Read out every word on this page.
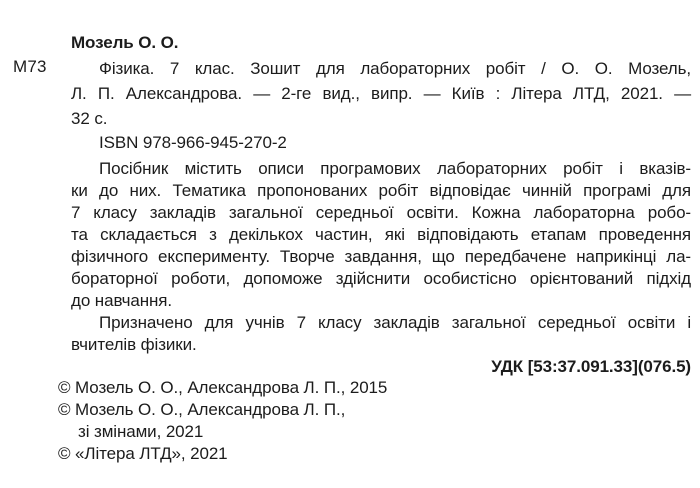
М73
Мозель О. О.
Фізика. 7 клас. Зошит для лабораторних робіт / О. О. Мозель,
Л. П. Александрова. — 2-ге вид., випр. — Київ : Літера ЛТД, 2021. —
32 с.
ISBN 978-966-945-270-2
Посібник містить описи програмових лабораторних робіт і вказів-
ки до них. Тематика пропонованих робіт відповідає чинній програмі для
7 класу закладів загальної середньої освіти. Кожна лабораторна робо-
та складається з декількох частин, які відповідають етапам проведення
фізичного експерименту. Творче завдання, що передбачене наприкінці ла-
бораторної роботи, допоможе здійснити особистісно орієнтований підхід
до навчання.
Призначено для учнів 7 класу закладів загальної середньої освіти і
вчителів фізики.
УДК [53:37.091.33](076.5)
© Мозель О. О., Александрова Л. П., 2015
© Мозель О. О., Александрова Л. П.,
зі змінами, 2021
© «Літера ЛТД», 2021
